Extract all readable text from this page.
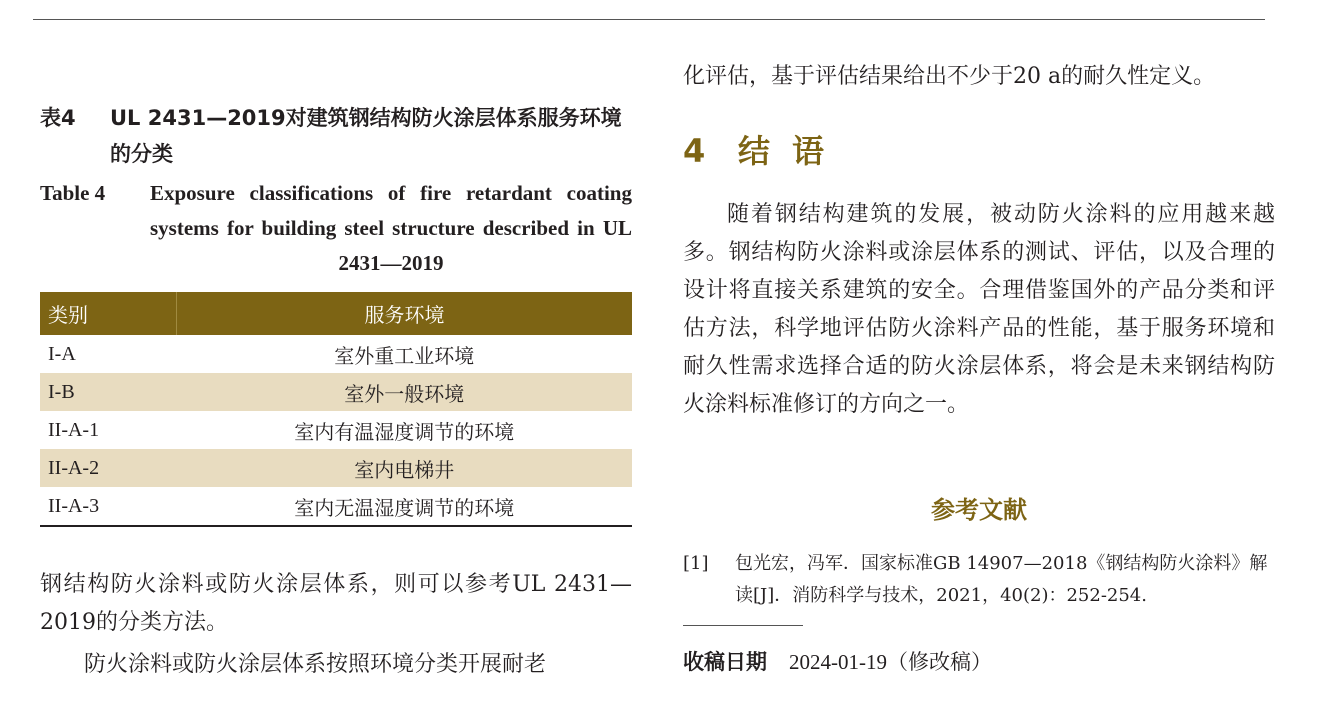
表4 UL 2431—2019对建筑钢结构防火涂层体系服务环境的分类
Table 4 Exposure classifications of fire retardant coating systems for building steel structure described in UL 2431—2019
类别	服务环境
I-A	室外重工业环境
I-B	室外一般环境
II-A-1	室内有温湿度调节的环境
II-A-2	室内电梯井
II-A-3	室内无温湿度调节的环境

钢结构防火涂料或防火涂层体系，则可以参考UL 2431—2019的分类方法。

防火涂料或防火涂层体系按照环境分类开展耐老

化评估，基于评估结果给出不少于20 a的耐久性定义。

4 结语

随着钢结构建筑的发展，被动防火涂料的应用越来越多。钢结构防火涂料或涂层体系的测试、评估，以及合理的设计将直接关系建筑的安全。合理借鉴国外的产品分类和评估方法，科学地评估防火涂料产品的性能，基于服务环境和耐久性需求选择合适的防火涂层体系，将会是未来钢结构防火涂料标准修订的方向之一。

参考文献
[1] 包光宏，冯军．国家标准GB 14907—2018《钢结构防火涂料》解读[J]．消防科学与技术，2021，40(2)：252-254.
收稿日期 2024-01-19（修改稿）
